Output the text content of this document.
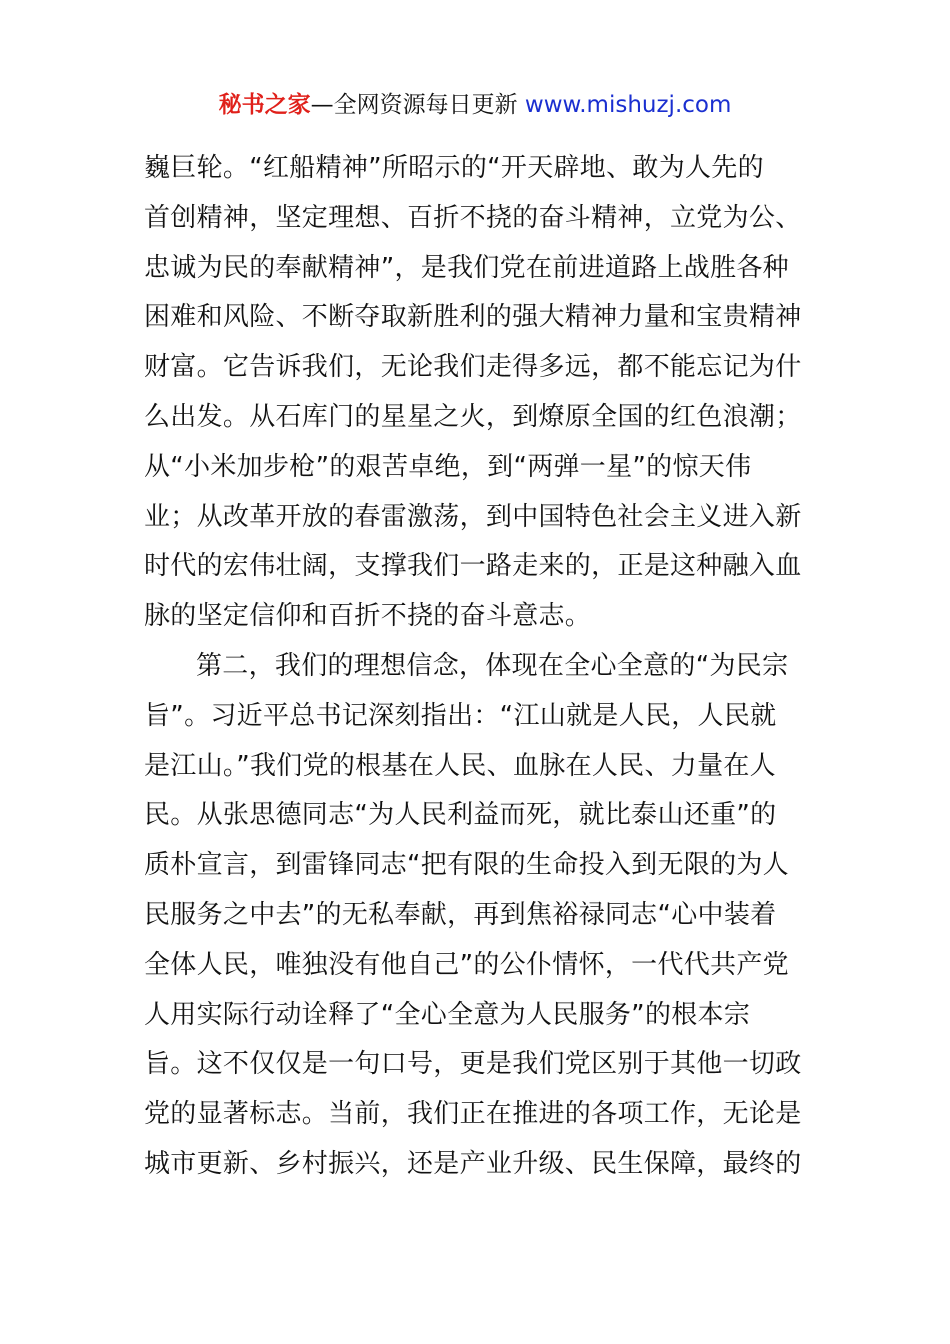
秘书之家—全网资源每日更新 www.mishuzj.com
巍巨轮。“红船精神”所昭示的“开天辟地、敢为人先的
首创精神，坚定理想、百折不挠的奋斗精神，立党为公、
忠诚为民的奉献精神”，是我们党在前进道路上战胜各种
困难和风险、不断夺取新胜利的强大精神力量和宝贵精神
财富。它告诉我们，无论我们走得多远，都不能忘记为什
么出发。从石库门的星星之火，到燎原全国的红色浪潮；
从“小米加步枪”的艰苦卓绝，到“两弹一星”的惊天伟
业；从改革开放的春雷激荡，到中国特色社会主义进入新
时代的宏伟壮阔，支撑我们一路走来的，正是这种融入血
脉的坚定信仰和百折不挠的奋斗意志。
第二，我们的理想信念，体现在全心全意的“为民宗
旨”。习近平总书记深刻指出：“江山就是人民，人民就
是江山。”我们党的根基在人民、血脉在人民、力量在人
民。从张思德同志“为人民利益而死，就比泰山还重”的
质朴宣言，到雷锋同志“把有限的生命投入到无限的为人
民服务之中去”的无私奉献，再到焦裕禄同志“心中装着
全体人民，唯独没有他自己”的公仆情怀，一代代共产党
人用实际行动诠释了“全心全意为人民服务”的根本宗
旨。这不仅仅是一句口号，更是我们党区别于其他一切政
党的显著标志。当前，我们正在推进的各项工作，无论是
城市更新、乡村振兴，还是产业升级、民生保障，最终的
